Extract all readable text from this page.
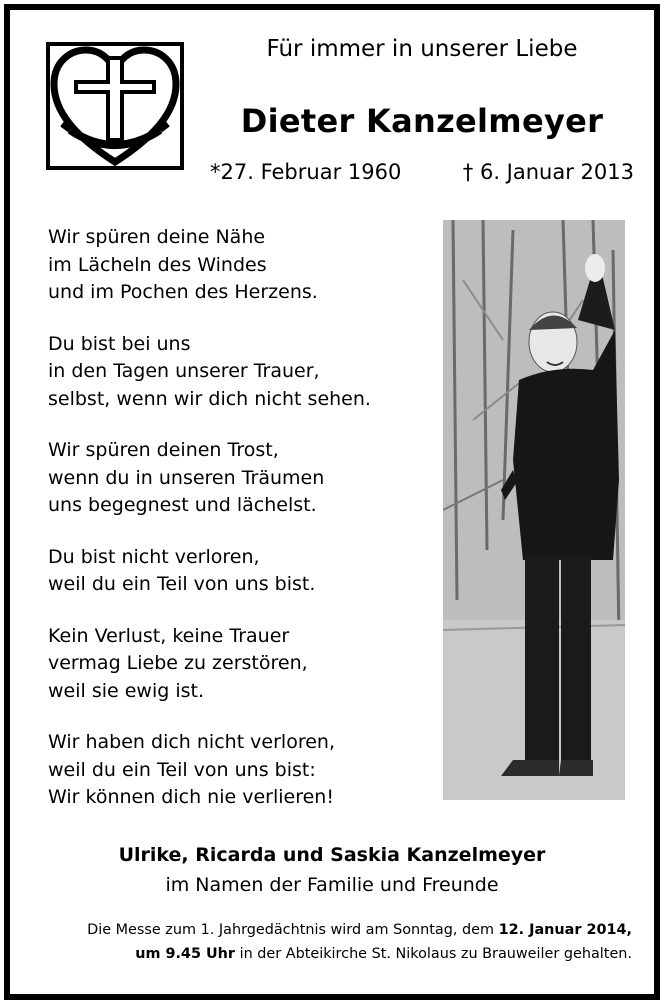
Für immer in unserer Liebe

Dieter Kanzelmeyer

*27. Februar 1960	† 6. Januar 2013
Wir spüren deine Nähe
im Lächeln des Windes
und im Pochen des Herzens.
Du bist bei uns
in den Tagen unserer Trauer,
selbst, wenn wir dich nicht sehen.
Wir spüren deinen Trost,
wenn du in unseren Träumen
uns begegnest und lächelst.
Du bist nicht verloren,
weil du ein Teil von uns bist.
Kein Verlust, keine Trauer
vermag Liebe zu zerstören,
weil sie ewig ist.
Wir haben dich nicht verloren,
weil du ein Teil von uns bist:
Wir können dich nie verlieren!
Ulrike, Ricarda und Saskia Kanzelmeyer
im Namen der Familie und Freunde
Die Messe zum 1. Jahrgedächtnis wird am Sonntag, dem 12. Januar 2014,
um 9.45 Uhr in der Abteikirche St. Nikolaus zu Brauweiler gehalten.
